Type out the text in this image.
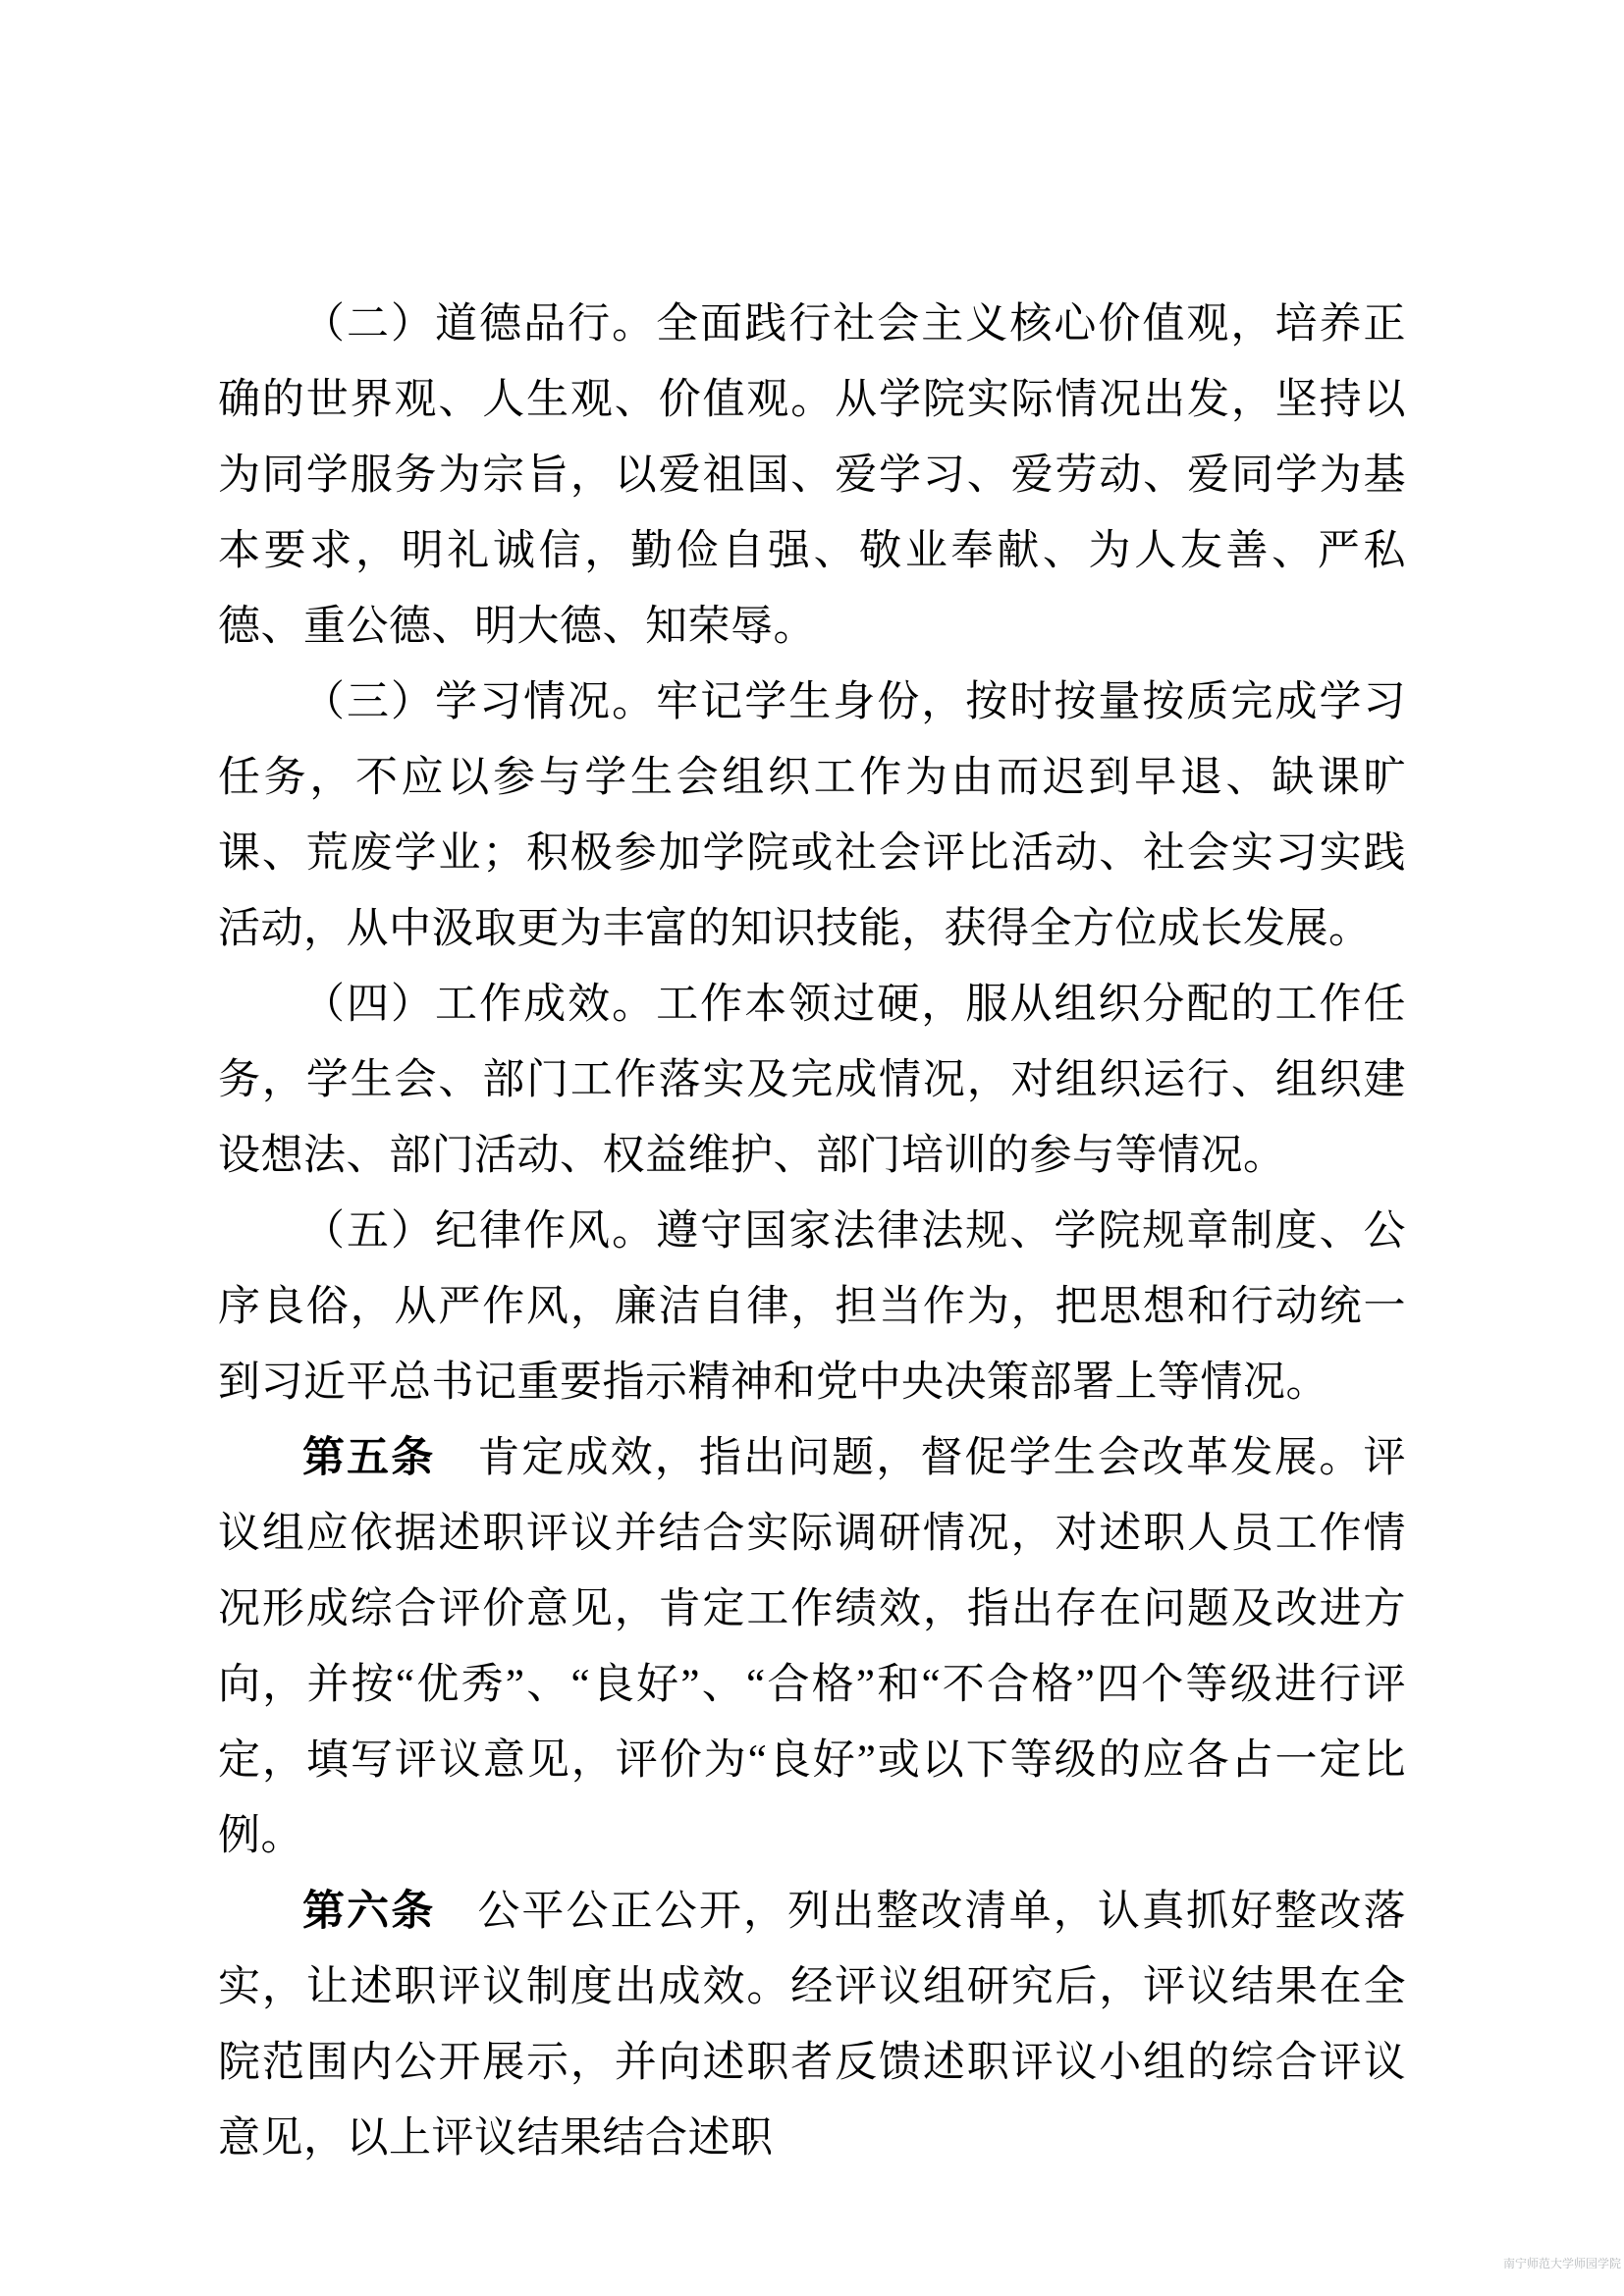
（二）道德品行。全面践行社会主义核心价值观，培养正确的世界观、人生观、价值观。从学院实际情况出发，坚持以为同学服务为宗旨，以爱祖国、爱学习、爱劳动、爱同学为基本要求，明礼诚信，勤俭自强、敬业奉献、为人友善、严私德、重公德、明大德、知荣辱。

（三）学习情况。牢记学生身份，按时按量按质完成学习任务，不应以参与学生会组织工作为由而迟到早退、缺课旷课、荒废学业；积极参加学院或社会评比活动、社会实习实践活动，从中汲取更为丰富的知识技能，获得全方位成长发展。

（四）工作成效。工作本领过硬，服从组织分配的工作任务，学生会、部门工作落实及完成情况，对组织运行、组织建设想法、部门活动、权益维护、部门培训的参与等情况。

（五）纪律作风。遵守国家法律法规、学院规章制度、公序良俗，从严作风，廉洁自律，担当作为，把思想和行动统一到习近平总书记重要指示精神和党中央决策部署上等情况。

第五条 肯定成效，指出问题，督促学生会改革发展。评议组应依据述职评议并结合实际调研情况，对述职人员工作情况形成综合评价意见，肯定工作绩效，指出存在问题及改进方向，并按“优秀”、“良好”、“合格”和“不合格”四个等级进行评定，填写评议意见，评价为“良好”或以下等级的应各占一定比例。

第六条 公平公正公开，列出整改清单，认真抓好整改落实，让述职评议制度出成效。经评议组研究后，评议结果在全院范围内公开展示，并向述职者反馈述职评议小组的综合评议意见，以上评议结果结合述职

南宁师范大学师园学院
